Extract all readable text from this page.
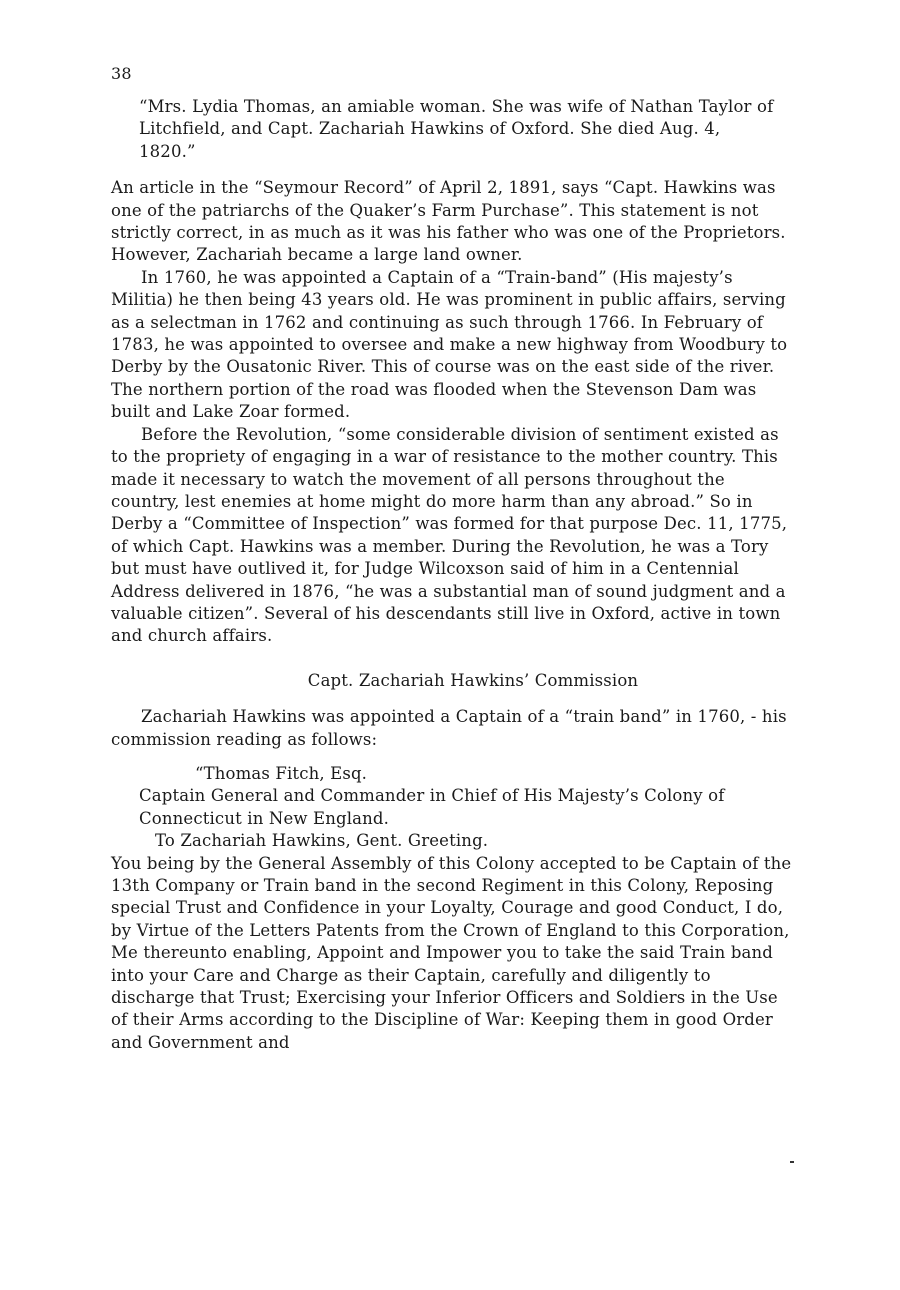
38

“Mrs. Lydia Thomas, an amiable woman. She was wife of Nathan Taylor of Litchfield, and Capt. Zachariah Hawkins of Oxford. She died Aug. 4, 1820.”

An article in the “Seymour Record” of April 2, 1891, says “Capt. Hawkins was one of the patriarchs of the Quaker’s Farm Purchase”. This statement is not strictly correct, in as much as it was his father who was one of the Proprietors. However, Zachariah became a large land owner.

In 1760, he was appointed a Captain of a “Train-band” (His majesty’s Militia) he then being 43 years old. He was prominent in public affairs, serving as a selectman in 1762 and continuing as such through 1766. In February of 1783, he was appointed to oversee and make a new highway from Woodbury to Derby by the Ousatonic River. This of course was on the east side of the river. The northern portion of the road was flooded when the Stevenson Dam was built and Lake Zoar formed.

Before the Revolution, “some considerable division of sentiment existed as to the propriety of engaging in a war of resistance to the mother country. This made it necessary to watch the movement of all persons throughout the country, lest enemies at home might do more harm than any abroad.” So in Derby a “Committee of Inspection” was formed for that purpose Dec. 11, 1775, of which Capt. Hawkins was a member. During the Revolution, he was a Tory but must have outlived it, for Judge Wilcoxson said of him in a Centennial Address delivered in 1876, “he was a substantial man of sound judgment and a valuable citizen”. Several of his descendants still live in Oxford, active in town and church affairs.

Capt. Zachariah Hawkins’ Commission

Zachariah Hawkins was appointed a Captain of a “train band” in 1760, - his commission reading as follows:

“Thomas Fitch, Esq.
Captain General and Commander in Chief of His Majesty’s Colony of Connecticut in New England.
To Zachariah Hawkins, Gent. Greeting.
You being by the General Assembly of this Colony accepted to be Captain of the 13th Company or Train band in the second Regiment in this Colony, Reposing special Trust and Confidence in your Loyalty, Courage and good Conduct, I do, by Virtue of the Letters Patents from the Crown of England to this Corporation, Me thereunto enabling, Appoint and Impower you to take the said Train band into your Care and Charge as their Captain, carefully and diligently to discharge that Trust; Exercising your Inferior Officers and Soldiers in the Use of their Arms according to the Discipline of War: Keeping them in good Order and Government and
